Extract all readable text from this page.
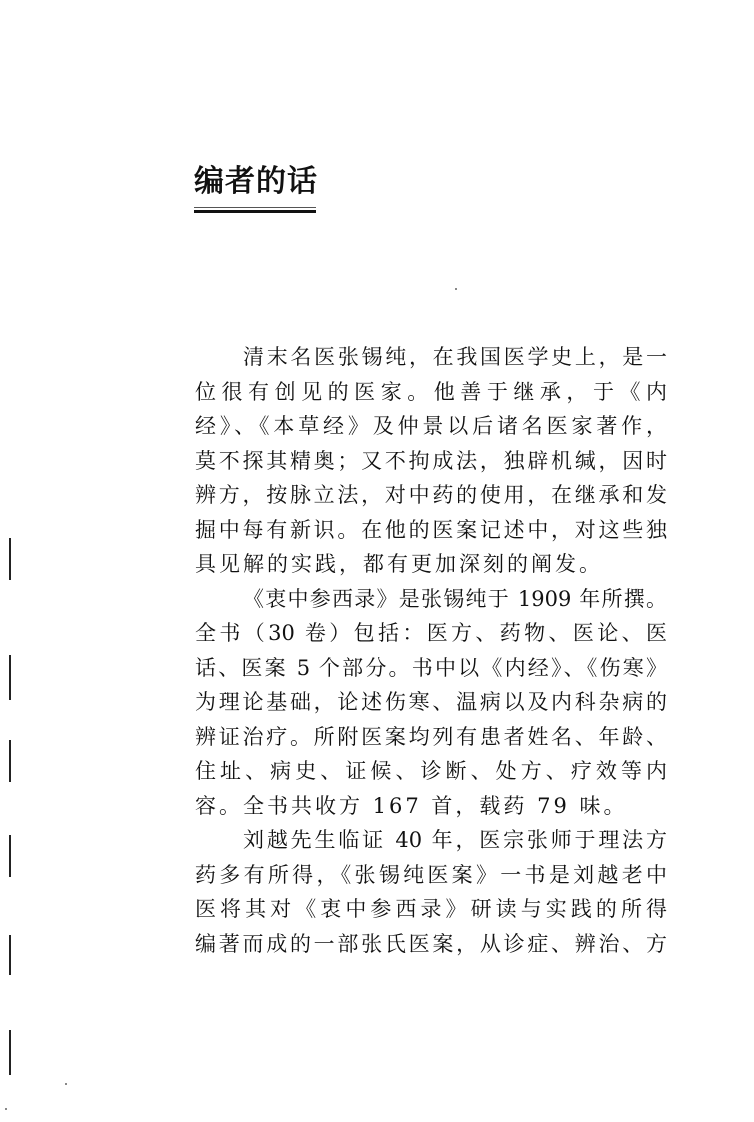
编者的话
清末名医张锡纯，在我国医学史上，是一
位很有创见的医家。他善于继承，于《内
经》、《本草经》及仲景以后诸名医家著作，
莫不探其精奥；又不拘成法，独辟机缄，因时
辨方，按脉立法，对中药的使用，在继承和发
掘中每有新识。在他的医案记述中，对这些独
具见解的实践，都有更加深刻的阐发。
《衷中参西录》是张锡纯于 1909 年所撰。
全书（30 卷）包括：医方、药物、医论、医
话、医案 5 个部分。书中以《内经》、《伤寒》
为理论基础，论述伤寒、温病以及内科杂病的
辨证治疗。所附医案均列有患者姓名、年龄、
住址、病史、证候、诊断、处方、疗效等内
容。全书共收方 167 首，载药 79 味。
刘越先生临证 40 年，医宗张师于理法方
药多有所得，《张锡纯医案》一书是刘越老中
医将其对《衷中参西录》研读与实践的所得
编著而成的一部张氏医案，从诊症、辨治、方
